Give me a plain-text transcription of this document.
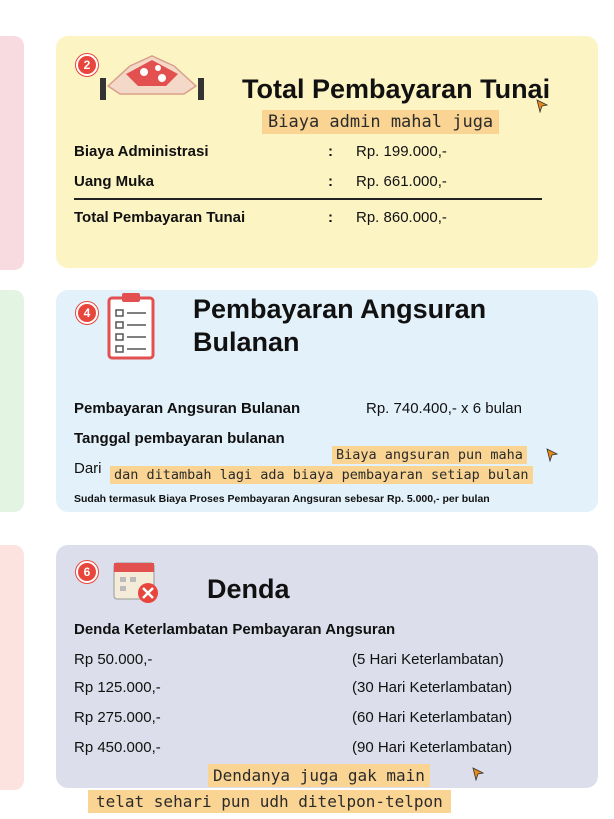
2
Total Pembayaran Tunai
Biaya Administrasi	: Rp. 199.000,-
Uang Muka	: Rp. 661.000,-
Total Pembayaran Tunai	: Rp. 860.000,-
Biaya admin mahal juga
4	Pembayaran Angsuran
Bulanan
Pembayaran Angsuran Bulanan	Rp. 740.400,- x 6 bulan
Tanggal pembayaran bulanan
Dari
Sudah termasuk Biaya Proses Pembayaran Angsuran sebesar Rp. 5.000,- per bulan
Biaya angsuran pun maha
dan ditambah lagi ada biaya pembayaran setiap bulan
6
Denda
Denda Keterlambatan Pembayaran Angsuran
Rp 50.000,-	(5 Hari Keterlambatan)
Rp 125.000,-	(30 Hari Keterlambatan)
Rp 275.000,-	(60 Hari Keterlambatan)
Rp 450.000,-	(90 Hari Keterlambatan)
Dendanya juga gak main
telat sehari pun udh ditelpon-telpon
